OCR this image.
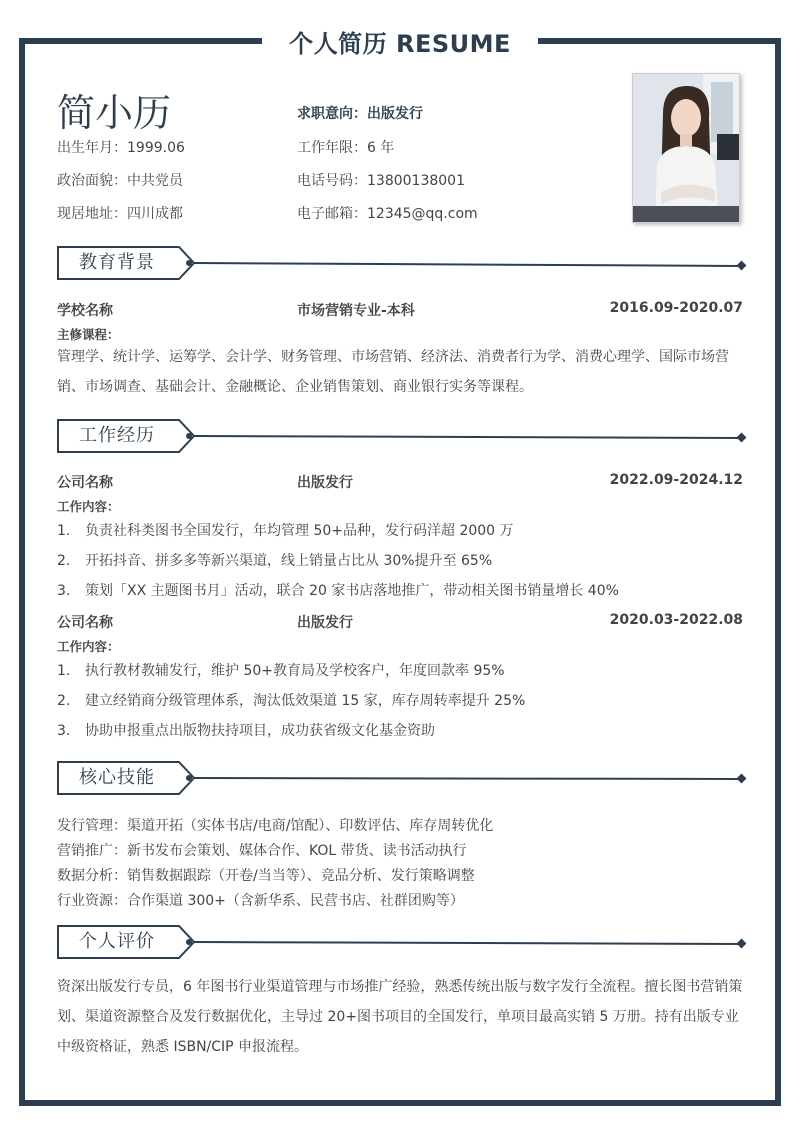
个人简历 RESUME
简小历	求职意向：出版发行
出生年月：1999.06	工作年限：6 年
政治面貌：中共党员	电话号码：13800138001
现居地址：四川成都	电子邮箱：12345@qq.com
教育背景
学校名称	市场营销专业-本科	2016.09-2020.07
主修课程：
管理学、统计学、运筹学、会计学、财务管理、市场营销、经济法、消费者行为学、消费心理学、国际市场营销、市场调查、基础会计、金融概论、企业销售策划、商业银行实务等课程。
工作经历
公司名称	出版发行	2022.09-2024.12
工作内容：
1. 负责社科类图书全国发行，年均管理 50+品种，发行码洋超 2000 万
2. 开拓抖音、拼多多等新兴渠道，线上销量占比从 30%提升至 65%
3. 策划「XX 主题图书月」活动，联合 20 家书店落地推广，带动相关图书销量增长 40%
公司名称	出版发行	2020.03-2022.08
工作内容：
1. 执行教材教辅发行，维护 50+教育局及学校客户，年度回款率 95%
2. 建立经销商分级管理体系，淘汰低效渠道 15 家，库存周转率提升 25%
3. 协助申报重点出版物扶持项目，成功获省级文化基金资助
核心技能
发行管理：渠道开拓（实体书店/电商/馆配）、印数评估、库存周转优化
营销推广：新书发布会策划、媒体合作、KOL 带货、读书活动执行
数据分析：销售数据跟踪（开卷/当当等）、竞品分析、发行策略调整
行业资源：合作渠道 300+（含新华系、民营书店、社群团购等）
个人评价
资深出版发行专员，6 年图书行业渠道管理与市场推广经验，熟悉传统出版与数字发行全流程。擅长图书营销策划、渠道资源整合及发行数据优化，主导过 20+图书项目的全国发行，单项目最高实销 5 万册。持有出版专业中级资格证，熟悉 ISBN/CIP 申报流程。
